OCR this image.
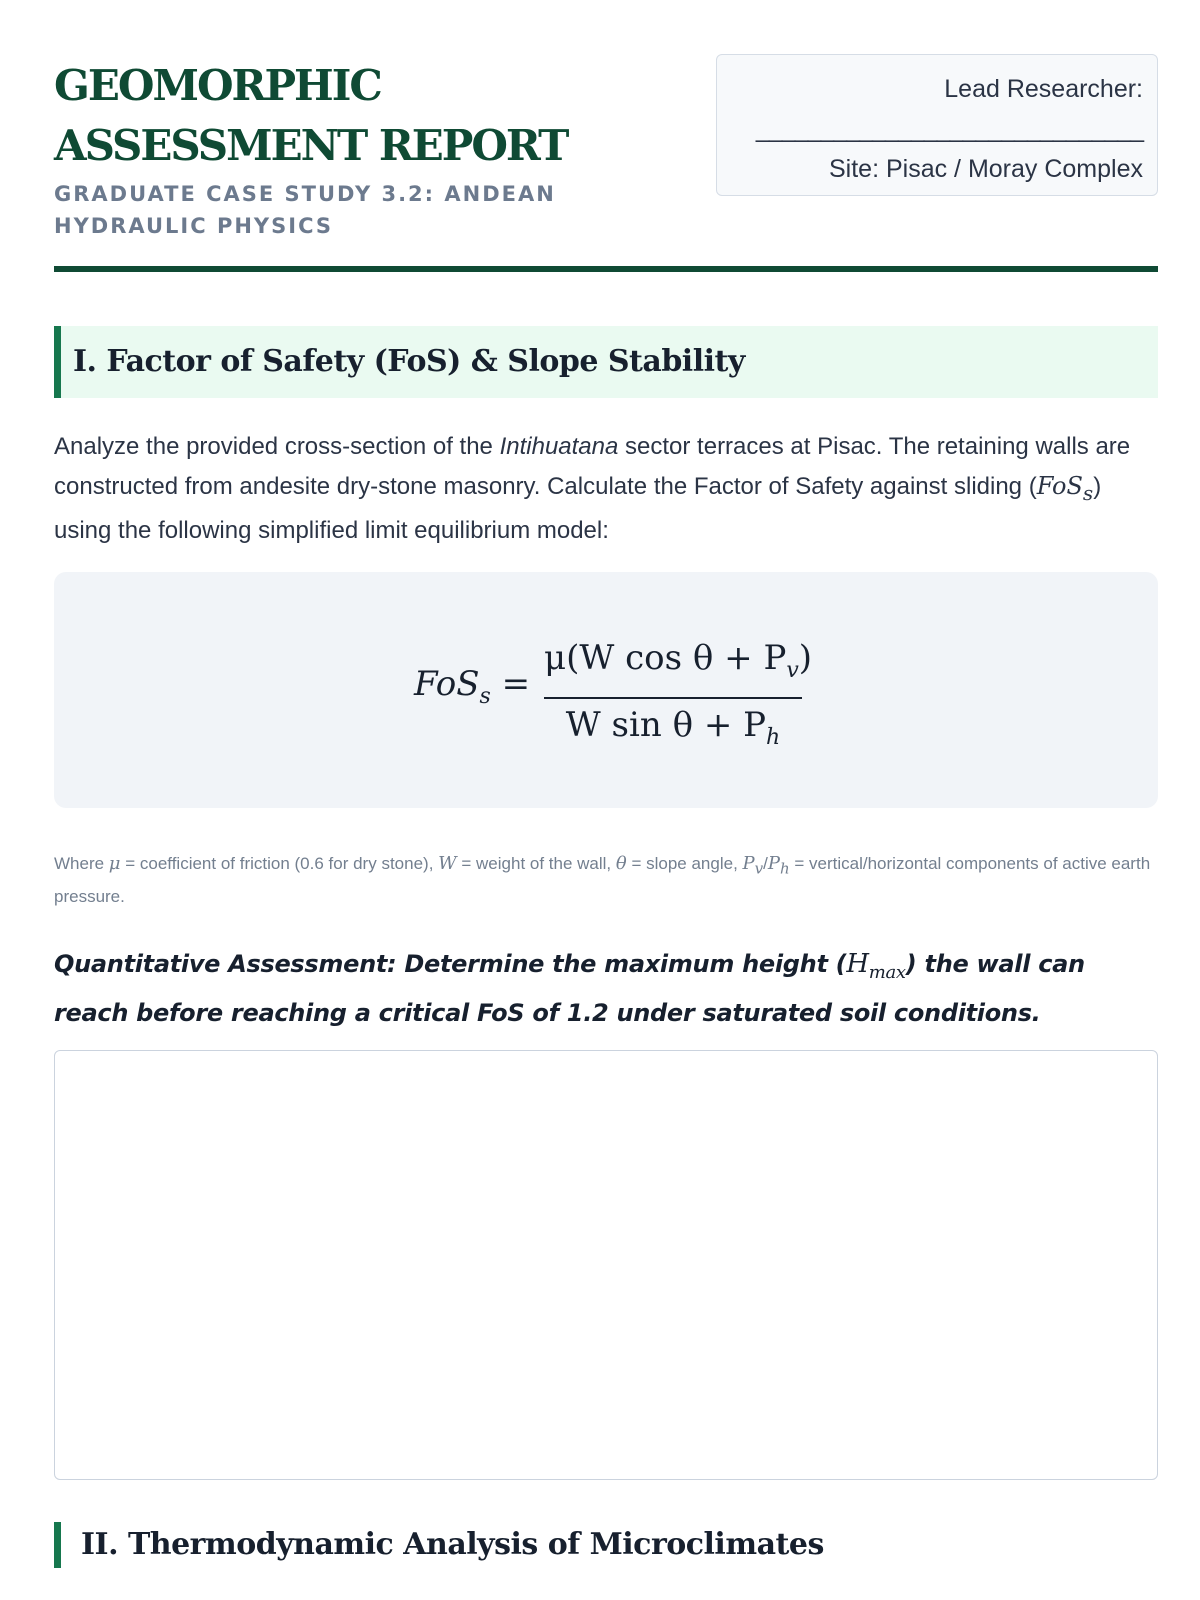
GEOMORPHIC
ASSESSMENT REPORT
GRADUATE CASE STUDY 3.2: ANDEAN HYDRAULIC PHYSICS
Lead Researcher:
______________________________
Site: Pisac / Moray Complex
I. Factor of Safety (FoS) & Slope Stability

Analyze the provided cross-section of the Intihuatana sector terraces at Pisac. The retaining walls are constructed from andesite dry-stone masonry. Calculate the Factor of Safety against sliding (FoS$_s$) using the following simplified limit equilibrium model:

FoS$_s$ =
μ(W $\cos \theta + P_v$)
W $\sin \theta + P_h$

Where μ = coefficient of friction (0.6 for dry stone), W = weight of the wall, θ = slope angle, $P_v/P_h$ = vertical/horizontal components of active earth pressure.

Quantitative Assessment: Determine the maximum height $(H_{max})$ the wall can reach before reaching a critical FoS of 1.2 under saturated soil conditions.

II. Thermodynamic Analysis of Microclimates
